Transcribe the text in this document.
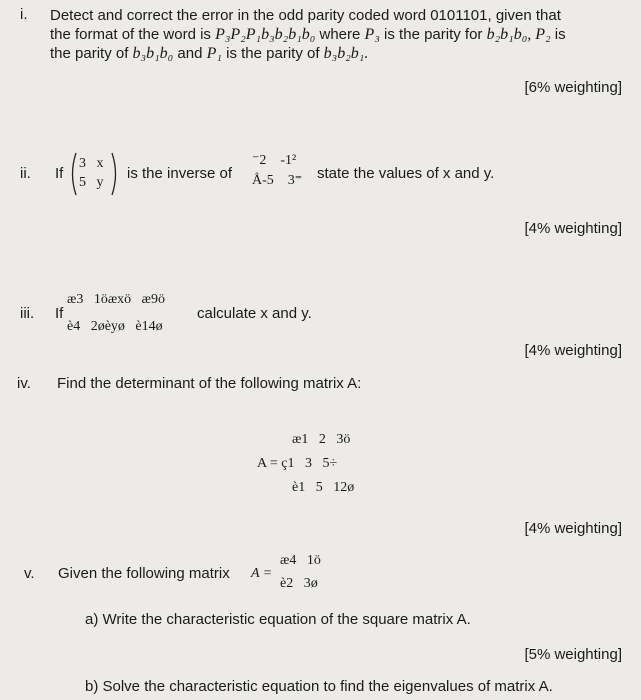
i. Detect and correct the error in the odd parity coded word 0101101, given that
the format of the word is P₃P₂P₁b₃b₂b₁b₀ where P₃ is the parity for b₂b₁b₀, P₂ is
the parity of b₃b₁b₀ and P₁ is the parity of b₃b₂b₁.
[6% weighting]
ii. If
3   x
5   y
is the inverse of
⁻2    -1²
Å-5    3⁼ state the values of x and y.
[4% weighting]
iii. If
æ3   1öæxö   æ9ö
è4   2øèyø   è14ø
calculate x and y.
[4% weighting]
iv. Find the determinant of the following matrix A:
æ1   2   3ö
A = ç1   3   5÷
è1   5   12ø
[4% weighting]
v. Given the following matrix A =
æ4   1ö
è2   3ø
a) Write the characteristic equation of the square matrix A.
[5% weighting]
b) Solve the characteristic equation to find the eigenvalues of matrix A.
